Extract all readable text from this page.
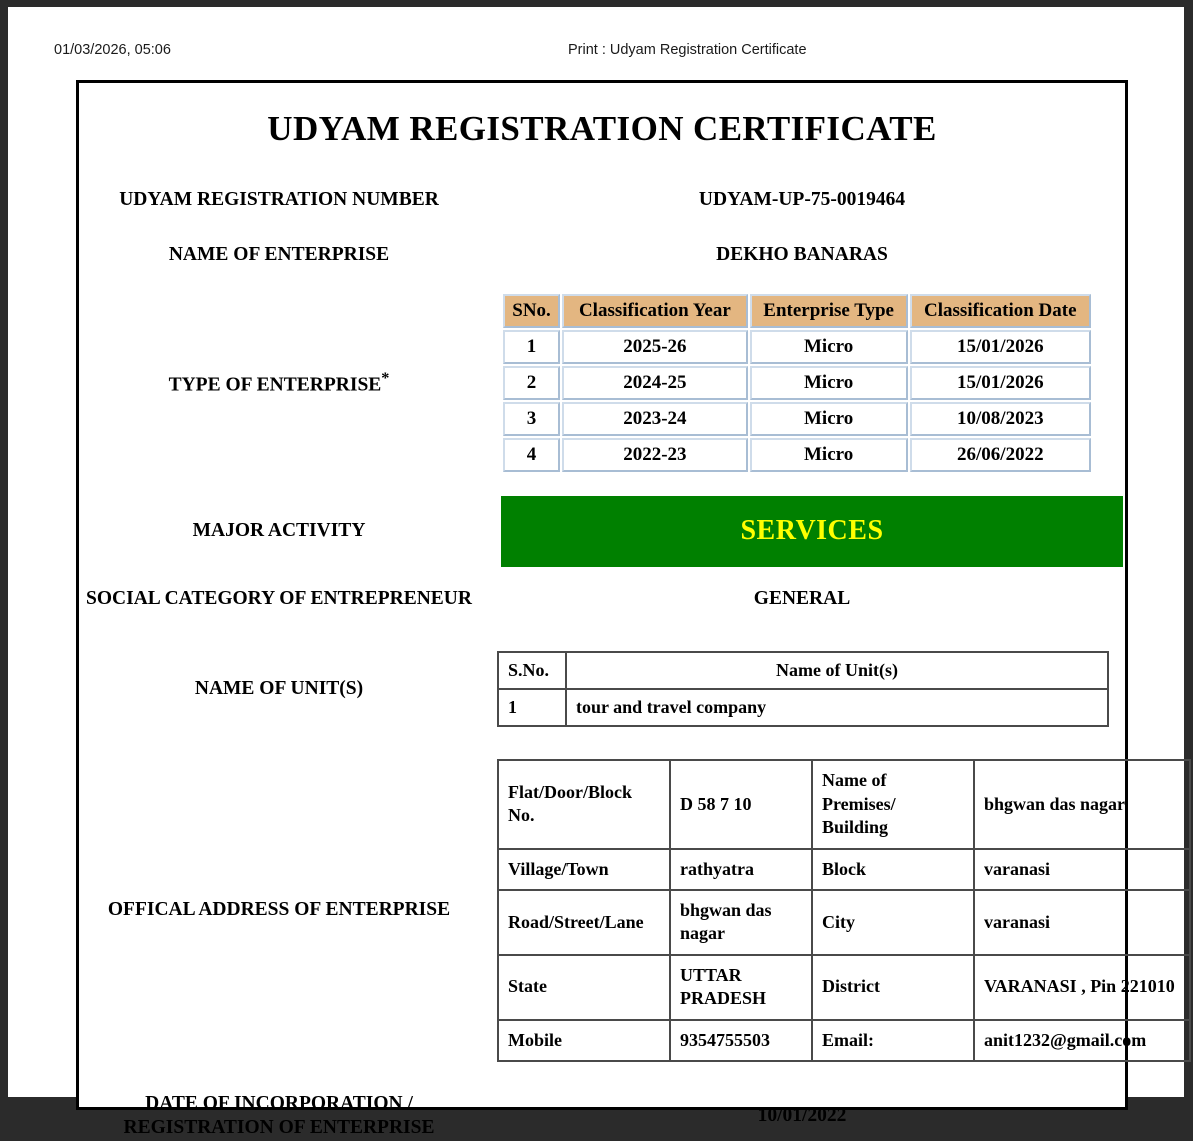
01/03/2026, 05:06	Print : Udyam Registration Certificate
UDYAM REGISTRATION CERTIFICATE
UDYAM REGISTRATION NUMBER	UDYAM-UP-75-0019464
NAME OF ENTERPRISE	DEKHO BANARAS
TYPE OF ENTERPRISE*
SNo.	Classification Year	Enterprise Type	Classification Date
1	2025-26	Micro	15/01/2026
2	2024-25	Micro	15/01/2026
3	2023-24	Micro	10/08/2023
4	2022-23	Micro	26/06/2022
MAJOR ACTIVITY	SERVICES
SOCIAL CATEGORY OF ENTREPRENEUR	GENERAL
NAME OF UNIT(S)
S.No.	Name of Unit(s)
1	tour and travel company
OFFICAL ADDRESS OF ENTERPRISE
Flat/Door/Block No.	D 58 7 10	Name of Premises/ Building	bhgwan das nagar
Village/Town	rathyatra	Block	varanasi
Road/Street/Lane	bhgwan das nagar	City	varanasi
State	UTTAR PRADESH	District	VARANASI , Pin 221010
Mobile	9354755503	Email:	anit1232@gmail.com
DATE OF INCORPORATION / REGISTRATION OF ENTERPRISE
10/01/2022
